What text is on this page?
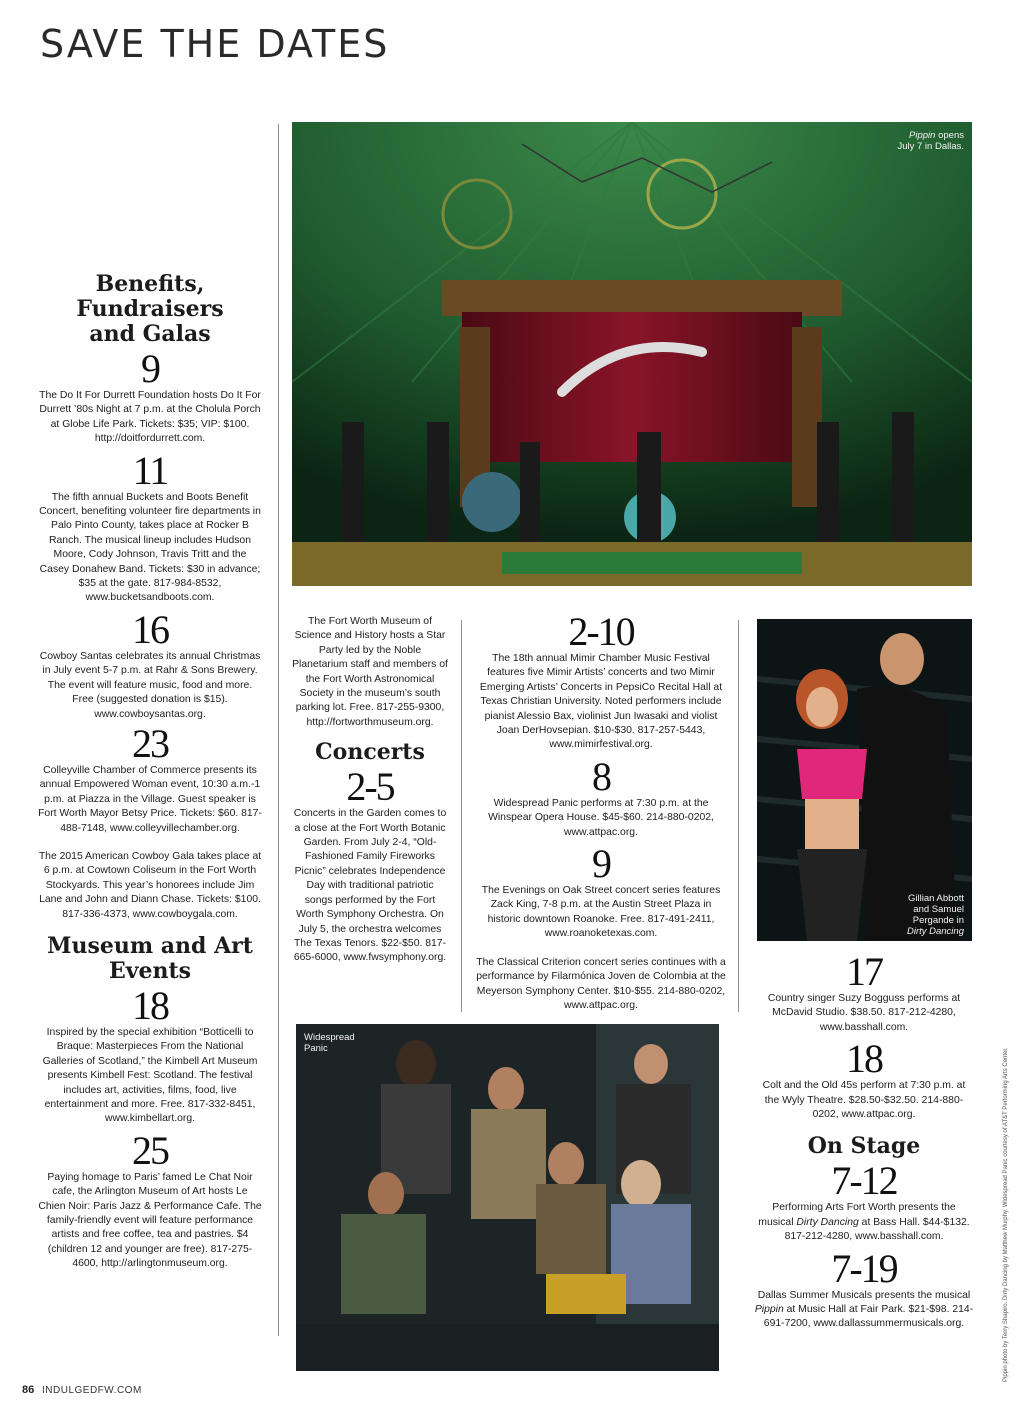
SAVE THE DATES
Benefits, Fundraisers and Galas
9

The Do It For Durrett Foundation hosts Do It For Durrett ’80s Night at 7 p.m. at the Cholula Porch at Globe Life Park. Tickets: $35; VIP: $100. http://doitfordurrett.com.

11

The fifth annual Buckets and Boots Benefit Concert, benefiting volunteer fire departments in Palo Pinto County, takes place at Rocker B Ranch. The musical lineup includes Hudson Moore, Cody Johnson, Travis Tritt and the Casey Donahew Band. Tickets: $30 in advance; $35 at the gate. 817-984-8532, www.bucketsandboots.com.

16

Cowboy Santas celebrates its annual Christmas in July event 5-7 p.m. at Rahr & Sons Brewery. The event will feature music, food and more. Free (suggested donation is $15). www.cowboysantas.org.

23

Colleyville Chamber of Commerce presents its annual Empowered Woman event, 10:30 a.m.-1 p.m. at Piazza in the Village. Guest speaker is Fort Worth Mayor Betsy Price. Tickets: $60. 817-488-7148, www.colleyvillechamber.org.

The 2015 American Cowboy Gala takes place at 6 p.m. at Cowtown Coliseum in the Fort Worth Stockyards. This year’s honorees include Jim Lane and John and Diann Chase. Tickets: $100. 817-336-4373, www.cowboygala.com.

Museum and Art Events
18

Inspired by the special exhibition “Botticelli to Braque: Masterpieces From the National Galleries of Scotland,” the Kimbell Art Museum presents Kimbell Fest: Scotland. The festival includes art, activities, films, food, live entertainment and more. Free. 817-332-8451, www.kimbellart.org.

25

Paying homage to Paris’ famed Le Chat Noir cafe, the Arlington Museum of Art hosts Le Chien Noir: Paris Jazz & Performance Cafe. The family-friendly event will feature performance artists and free coffee, tea and pastries. $4 (children 12 and younger are free). 817-275-4600, http://arlingtonmuseum.org.

Pippin opens
July 7 in Dallas.

The Fort Worth Museum of Science and History hosts a Star Party led by the Noble Planetarium staff and members of the Fort Worth Astronomical Society in the museum’s south parking lot. Free. 817-255-9300, http://fortworthmuseum.org.

Concerts
2-5

Concerts in the Garden comes to a close at the Fort Worth Botanic Garden. From July 2-4, “Old-Fashioned Family Fireworks Picnic” celebrates Independence Day with traditional patriotic songs performed by the Fort Worth Symphony Orchestra. On July 5, the orchestra welcomes The Texas Tenors. $22-$50. 817-665-6000, www.fwsymphony.org.

2-10

The 18th annual Mimir Chamber Music Festival features five Mimir Artists’ concerts and two Mimir Emerging Artists’ Concerts in PepsiCo Recital Hall at Texas Christian University. Noted performers include pianist Alessio Bax, violinist Jun Iwasaki and violist Joan DerHovsepian. $10-$30. 817-257-5443, www.mimirfestival.org.

8

Widespread Panic performs at 7:30 p.m. at the Winspear Opera House. $45-$60. 214-880-0202, www.attpac.org.

9

The Evenings on Oak Street concert series features Zack King, 7-8 p.m. at the Austin Street Plaza in historic downtown Roanoke. Free. 817-491-2411, www.roanoketexas.com.

The Classical Criterion concert series continues with a performance by Filarmónica Joven de Colombia at the Meyerson Symphony Center. $10-$55. 214-880-0202, www.attpac.org.

Gillian Abbott
and Samuel
Pergande in
Dirty Dancing
17

Country singer Suzy Bogguss performs at McDavid Studio. $38.50. 817-212-4280, www.basshall.com.

18

Colt and the Old 45s perform at 7:30 p.m. at the Wyly Theatre. $28.50-$32.50. 214-880-0202, www.attpac.org.

On Stage
7-12

Performing Arts Fort Worth presents the musical Dirty Dancing at Bass Hall. $44-$132. 817-212-4280, www.basshall.com.

7-19

Dallas Summer Musicals presents the musical Pippin at Music Hall at Fair Park. $21-$98. 214-691-7200, www.dallassummermusicals.org.

Widespread
Panic	Pippin photo by Terry Shapiro. Dirty Dancing by Matthew Murphy. Widespread Panic courtesy of AT&T Performing Arts Center.
86 INDULGEDFW.COM
